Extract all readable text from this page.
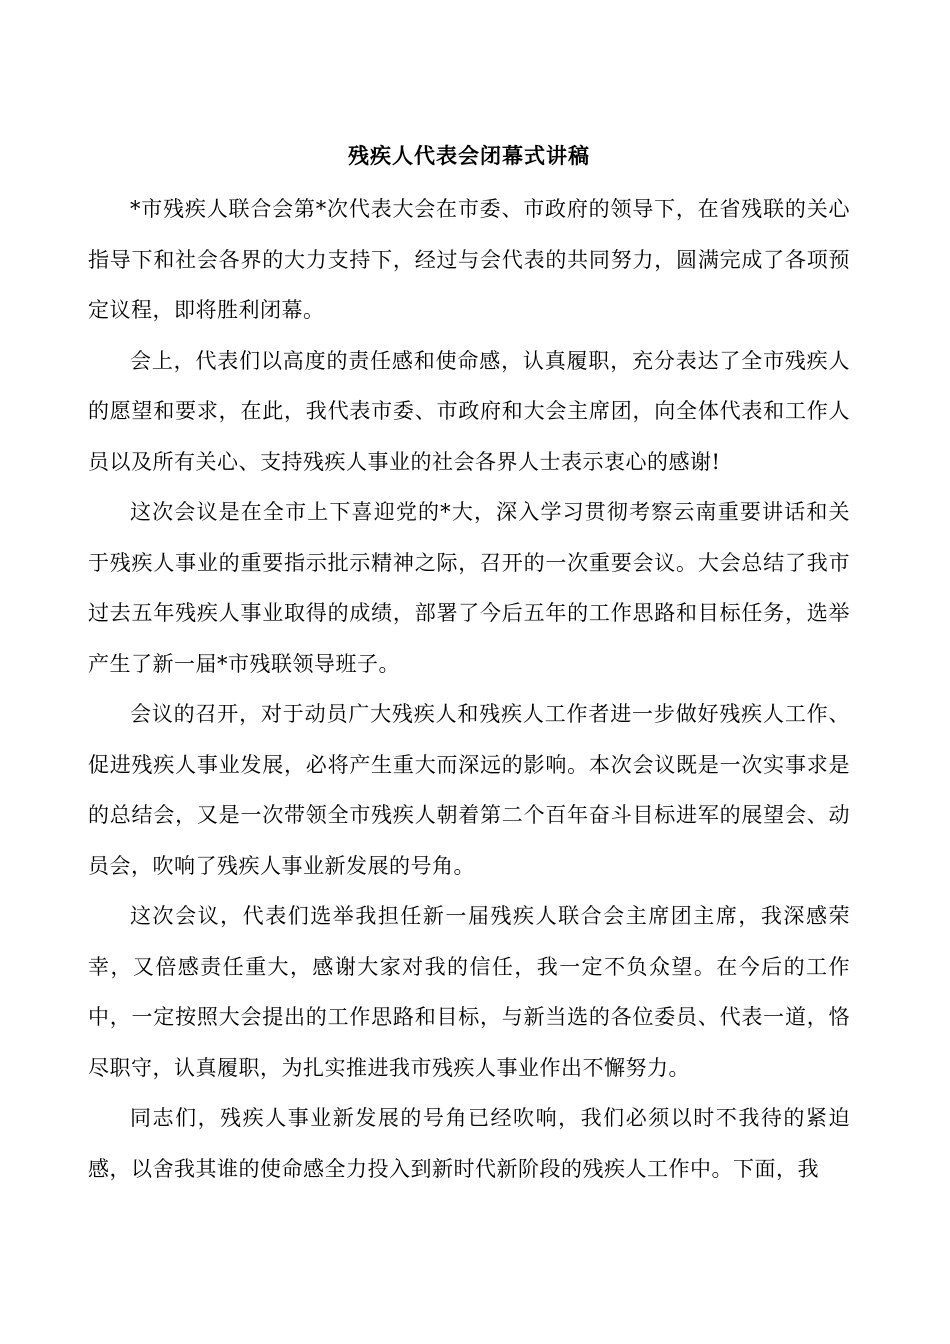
残疾人代表会闭幕式讲稿

*市残疾人联合会第*次代表大会在市委、市政府的领导下，在省残联的关心指导下和社会各界的大力支持下，经过与会代表的共同努力，圆满完成了各项预定议程，即将胜利闭幕。

会上，代表们以高度的责任感和使命感，认真履职，充分表达了全市残疾人的愿望和要求，在此，我代表市委、市政府和大会主席团，向全体代表和工作人员以及所有关心、支持残疾人事业的社会各界人士表示衷心的感谢!

这次会议是在全市上下喜迎党的*大，深入学习贯彻考察云南重要讲话和关于残疾人事业的重要指示批示精神之际，召开的一次重要会议。大会总结了我市过去五年残疾人事业取得的成绩，部署了今后五年的工作思路和目标任务，选举产生了新一届*市残联领导班子。

会议的召开，对于动员广大残疾人和残疾人工作者进一步做好残疾人工作、促进残疾人事业发展，必将产生重大而深远的影响。本次会议既是一次实事求是的总结会，又是一次带领全市残疾人朝着第二个百年奋斗目标进军的展望会、动员会，吹响了残疾人事业新发展的号角。

这次会议，代表们选举我担任新一届残疾人联合会主席团主席，我深感荣幸，又倍感责任重大，感谢大家对我的信任，我一定不负众望。在今后的工作中，一定按照大会提出的工作思路和目标，与新当选的各位委员、代表一道，恪尽职守，认真履职，为扎实推进我市残疾人事业作出不懈努力。

同志们，残疾人事业新发展的号角已经吹响，我们必须以时不我待的紧迫感，以舍我其谁的使命感全力投入到新时代新阶段的残疾人工作中。下面，我
